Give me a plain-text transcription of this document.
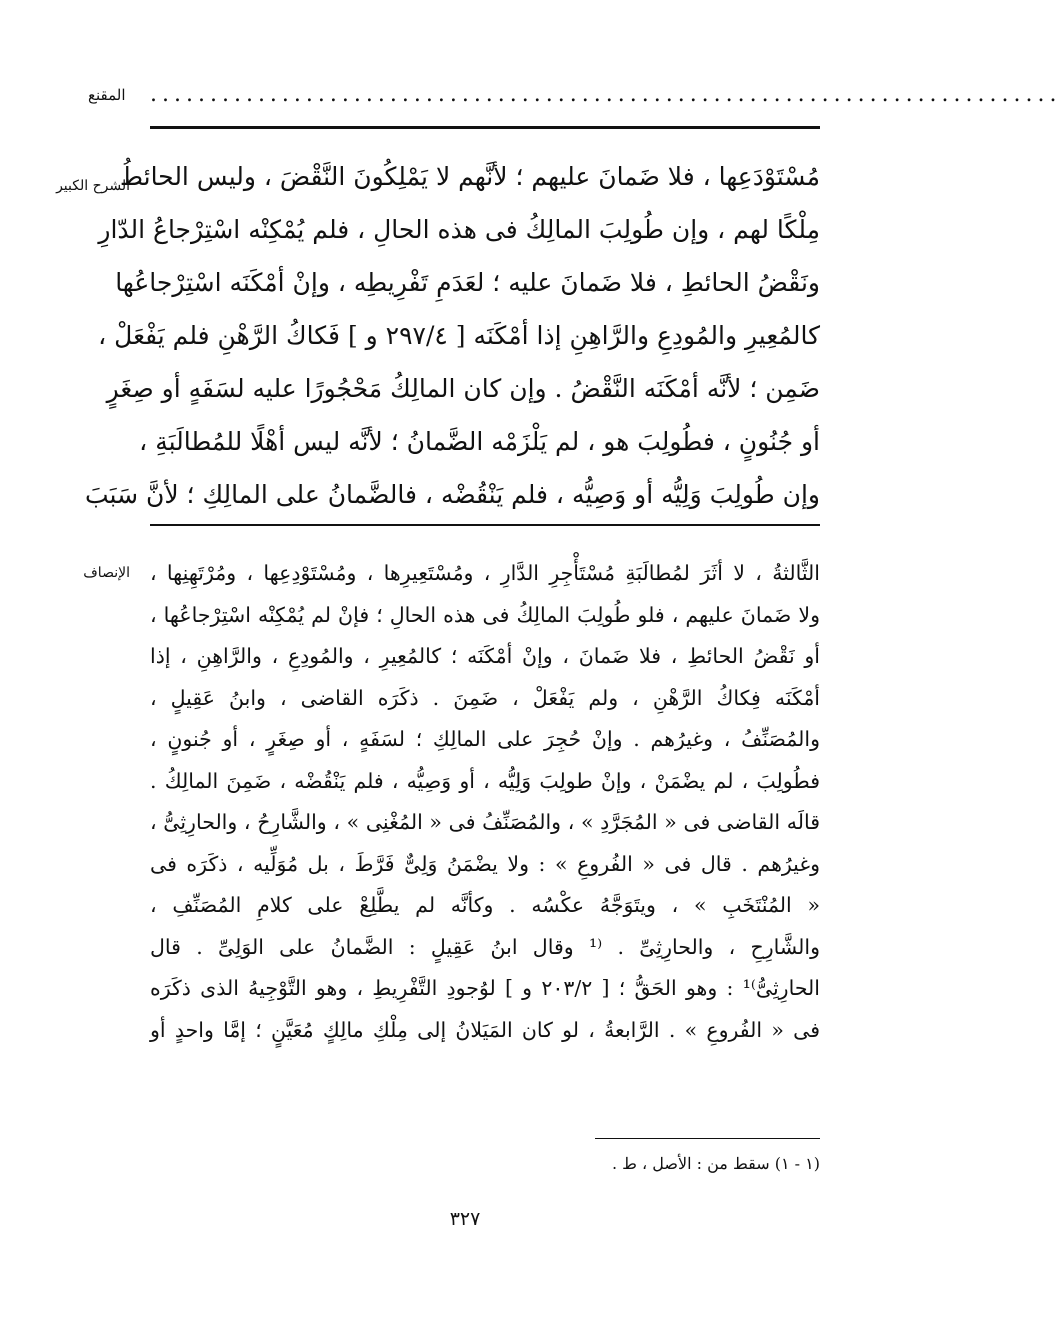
المقنع ............................................................................
الشرح الكبير
مُسْتَوْدَعِها ، فلا ضَمانَ عليهم ؛ لأنَّهم لا يَمْلِكُونَ النَّقْضَ ، وليس الحائطُ
مِلْكًا لهم ، وإن طُولِبَ المالِكُ فى هذه الحالِ ، فلم يُمْكِنْه اسْتِرْجاعُ الدّارِ
ونَقْضُ الحائطِ ، فلا ضَمانَ عليه ؛ لعَدَمِ تَفْرِيطِه ، وإنْ أمْكَنَه اسْتِرْجاعُها
كالمُعِيرِ والمُودِعِ والرَّاهِنِ إذا أمْكَنَه [ ٢٩٧/٤ و ] فَكاكُ الرَّهْنِ فلم يَفْعَلْ ،
ضَمِن ؛ لأنَّه أمْكَنَه النَّقْضُ . وإن كان المالِكُ مَحْجُورًا عليه لسَفَهٍ أو صِغَرٍ
أو جُنُونٍ ، فطُولِبَ هو ، لم يَلْزَمْه الضَّمانُ ؛ لأنَّه ليس أهْلًا للمُطالَبَةِ ،
وإن طُولِبَ وَلِيُّه أو وَصِيُّه ، فلم يَنْقُضْه ، فالضَّمانُ على المالِكِ ؛ لأنَّ سَبَبَ
الإنصاف الثَّالثةُ ، لا أثَرَ لمُطالَبَةِ مُسْتَأْجِرِ الدَّارِ ، ومُسْتَعِيرِها ، ومُسْتَوْدِعِها ، ومُرْتَهِنِها ،
ولا ضَمانَ عليهم ، فلو طُولِبَ المالِكُ فى هذه الحالِ ؛ فإنْ لم يُمْكِنْه اسْتِرْجاعُها ،
أو نَقْضُ الحائطِ ، فلا ضَمانَ ، وإنْ أمْكَنَه ؛ كالمُعِيرِ ، والمُودِعِ ، والرَّاهِنِ ، إذا
أمْكَنَه فِكاكُ الرَّهْنِ ، ولم يَفْعَلْ ، ضَمِنَ . ذكَرَه القاضى ، وابنُ عَقِيلٍ ،
والمُصَنِّفُ ، وغيرُهم . وإنْ حُجِرَ على المالِكِ ؛ لسَفَهٍ ، أو صِغَرٍ ، أو جُنونٍ ،
فطُولِبَ ، لم يضْمَنْ ، وإنْ طولِبَ وَلِيُّه ، أو وَصِيُّه ، فلم يَنْقُضْه ، ضَمِنَ المالِكُ .
قالَه القاضى فى « المُجَرَّدِ » ، والمُصَنِّفُ فى « المُغْنِى » ، والشَّارِحُ ، والحارِثِىُّ ،
وغيرُهم . قال فى « الفُروعِ » : ولا يضْمَنُ وَلِىٌّ فَرَّطَ ، بل مُوَلِّيه ، ذكَرَه فى
« المُنْتَخَبِ » ، ويتَوَجَّهُ عكْسُه . وكأنَّه لم يطَّلِعْ على كلامِ المُصَنِّفِ ،
والشَّارِحِ ، والحارِثِىِّ . ⁽¹ وقال ابنُ عَقِيلٍ : الضَّمانُ على الوَلِىِّ . قال
الحارِثِىُّ⁾¹ : وهو الحَقُّ ؛ [ ٢٠٣/٢ و ] لوُجودِ التَّفْرِيطِ ، وهو التَّوْجِيهُ الذى ذكَرَه
فى « الفُروعِ » . الرَّابعةُ ، لو كان المَيَلانُ إلى مِلْكِ مالِكٍ مُعَيَّنٍ ؛ إمَّا واحدٍ أو
(١ - ١) سقط من : الأصل ، ط .
٣٢٧
